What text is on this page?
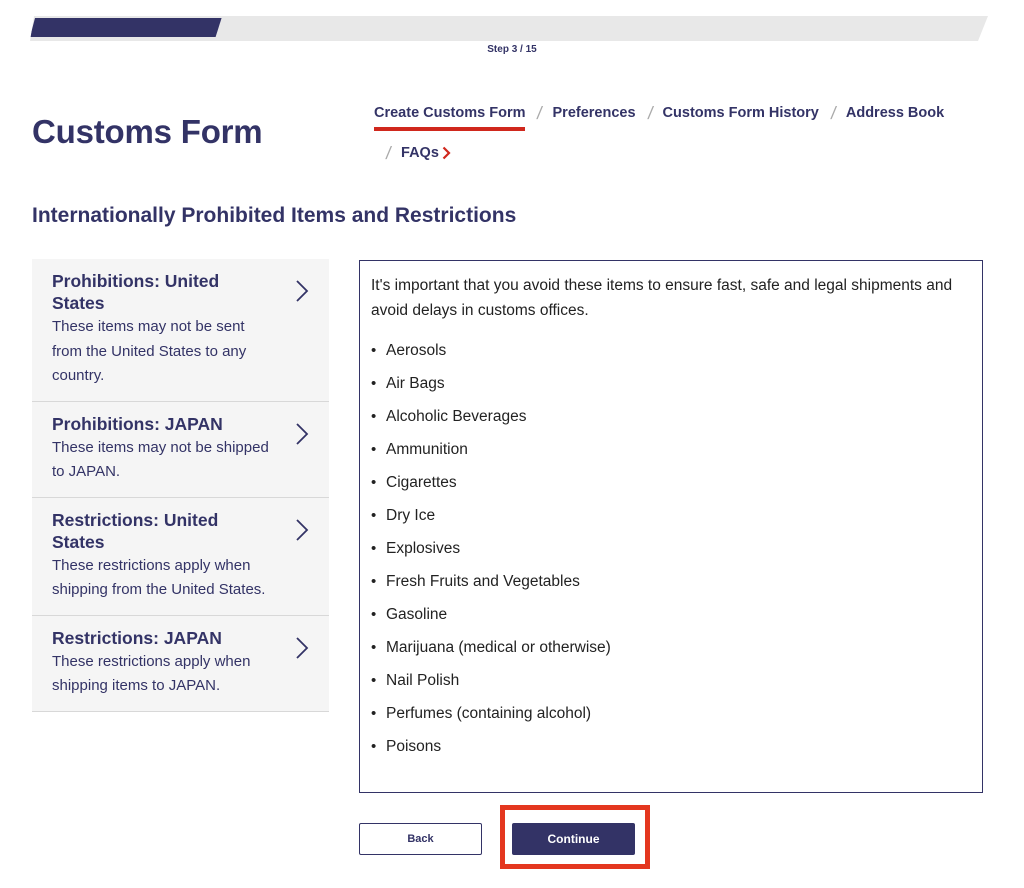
Step 3 / 15
Customs Form	Create Customs Form / Preferences / Customs Form History / Address Book
/ FAQs
Internationally Prohibited Items and Restrictions
Prohibitions: United States
These items may not be sent from the United States to any country.
Prohibitions: JAPAN
These items may not be shipped to JAPAN.
Restrictions: United States
These restrictions apply when shipping from the United States.
Restrictions: JAPAN
These restrictions apply when shipping items to JAPAN.

It's important that you avoid these items to ensure fast, safe and legal shipments and avoid delays in customs offices.

• Aerosols
• Air Bags
• Alcoholic Beverages
• Ammunition
• Cigarettes
• Dry Ice
• Explosives
• Fresh Fruits and Vegetables
• Gasoline
• Marijuana (medical or otherwise)
• Nail Polish
• Perfumes (containing alcohol)
• Poisons
Back	Continue
